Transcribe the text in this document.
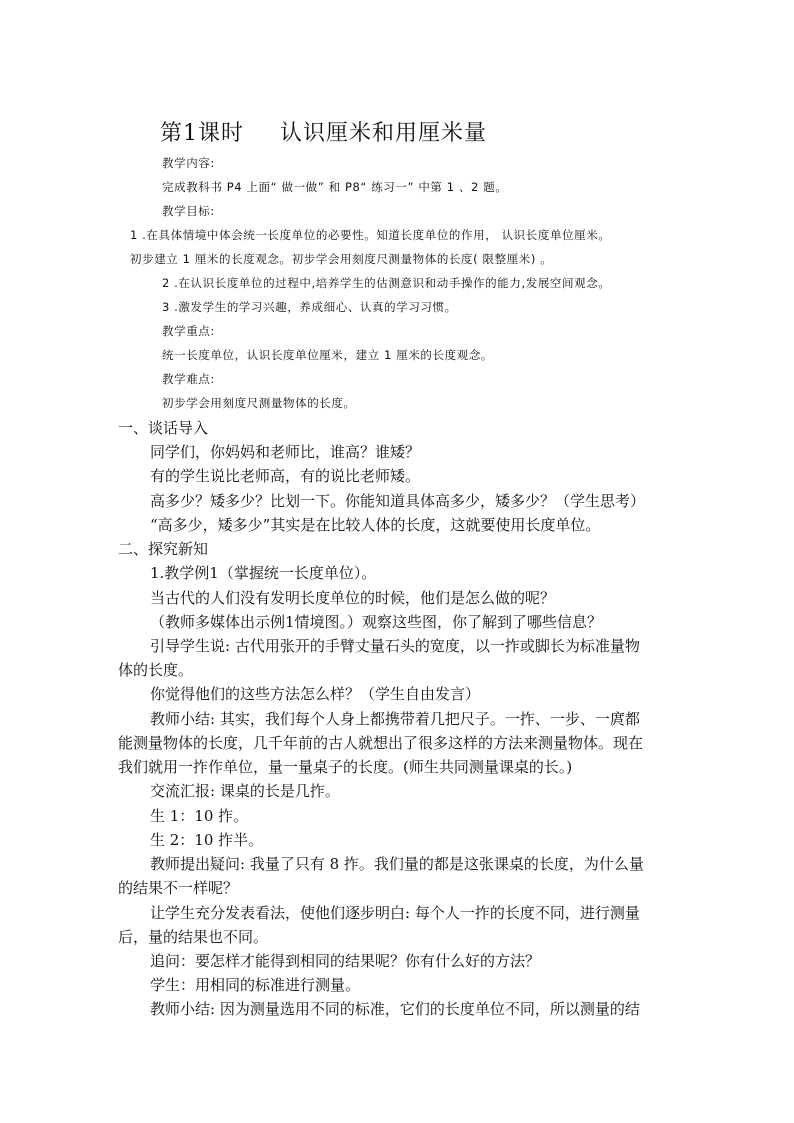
第1课时 认识厘米和用厘米量
教学内容:
完成教科书 P4 上面“ 做一做” 和 P8“ 练习一” 中第 1 、2 题。
教学目标:
1 .在具体情境中体会统一长度单位的必要性。知道长度单位的作用， 认识长度单位厘米。
初步建立 1 厘米的长度观念。初步学会用刻度尺测量物体的长度( 限整厘米) 。
2 .在认识长度单位的过程中,培养学生的估测意识和动手操作的能力,发展空间观念。
3 .激发学生的学习兴趣，养成细心、认真的学习习惯。
教学重点:
统一长度单位，认识长度单位厘米，建立 1 厘米的长度观念。
教学难点:
初步学会用刻度尺测量物体的长度。
一、谈话导入
同学们，你妈妈和老师比，谁高？谁矮？
有的学生说比老师高，有的说比老师矮。
高多少？矮多少？比划一下。你能知道具体高多少，矮多少？（学生思考）
“高多少，矮多少”其实是在比较人体的长度，这就要使用长度单位。
二、探究新知
1.教学例1（掌握统一长度单位）。
当古代的人们没有发明长度单位的时候，他们是怎么做的呢？
（教师多媒体出示例1情境图。）观察这些图，你了解到了哪些信息？
引导学生说: 古代用张开的手臂丈量石头的宽度，以一拃或脚长为标准量物
体的长度。
你觉得他们的这些方法怎么样？（学生自由发言）
教师小结: 其实，我们每个人身上都携带着几把尺子。一拃、一步、一庹都
能测量物体的长度，几千年前的古人就想出了很多这样的方法来测量物体。现在
我们就用一拃作单位，量一量桌子的长度。(师生共同测量课桌的长。)
交流汇报: 课桌的长是几拃。
生 1：10 拃。
生 2：10 拃半。
教师提出疑问: 我量了只有 8 拃。我们量的都是这张课桌的长度，为什么量
的结果不一样呢？
让学生充分发表看法，使他们逐步明白: 每个人一拃的长度不同，进行测量
后，量的结果也不同。
追问：要怎样才能得到相同的结果呢？你有什么好的方法？
学生：用相同的标准进行测量。
教师小结: 因为测量选用不同的标准，它们的长度单位不同，所以测量的结
